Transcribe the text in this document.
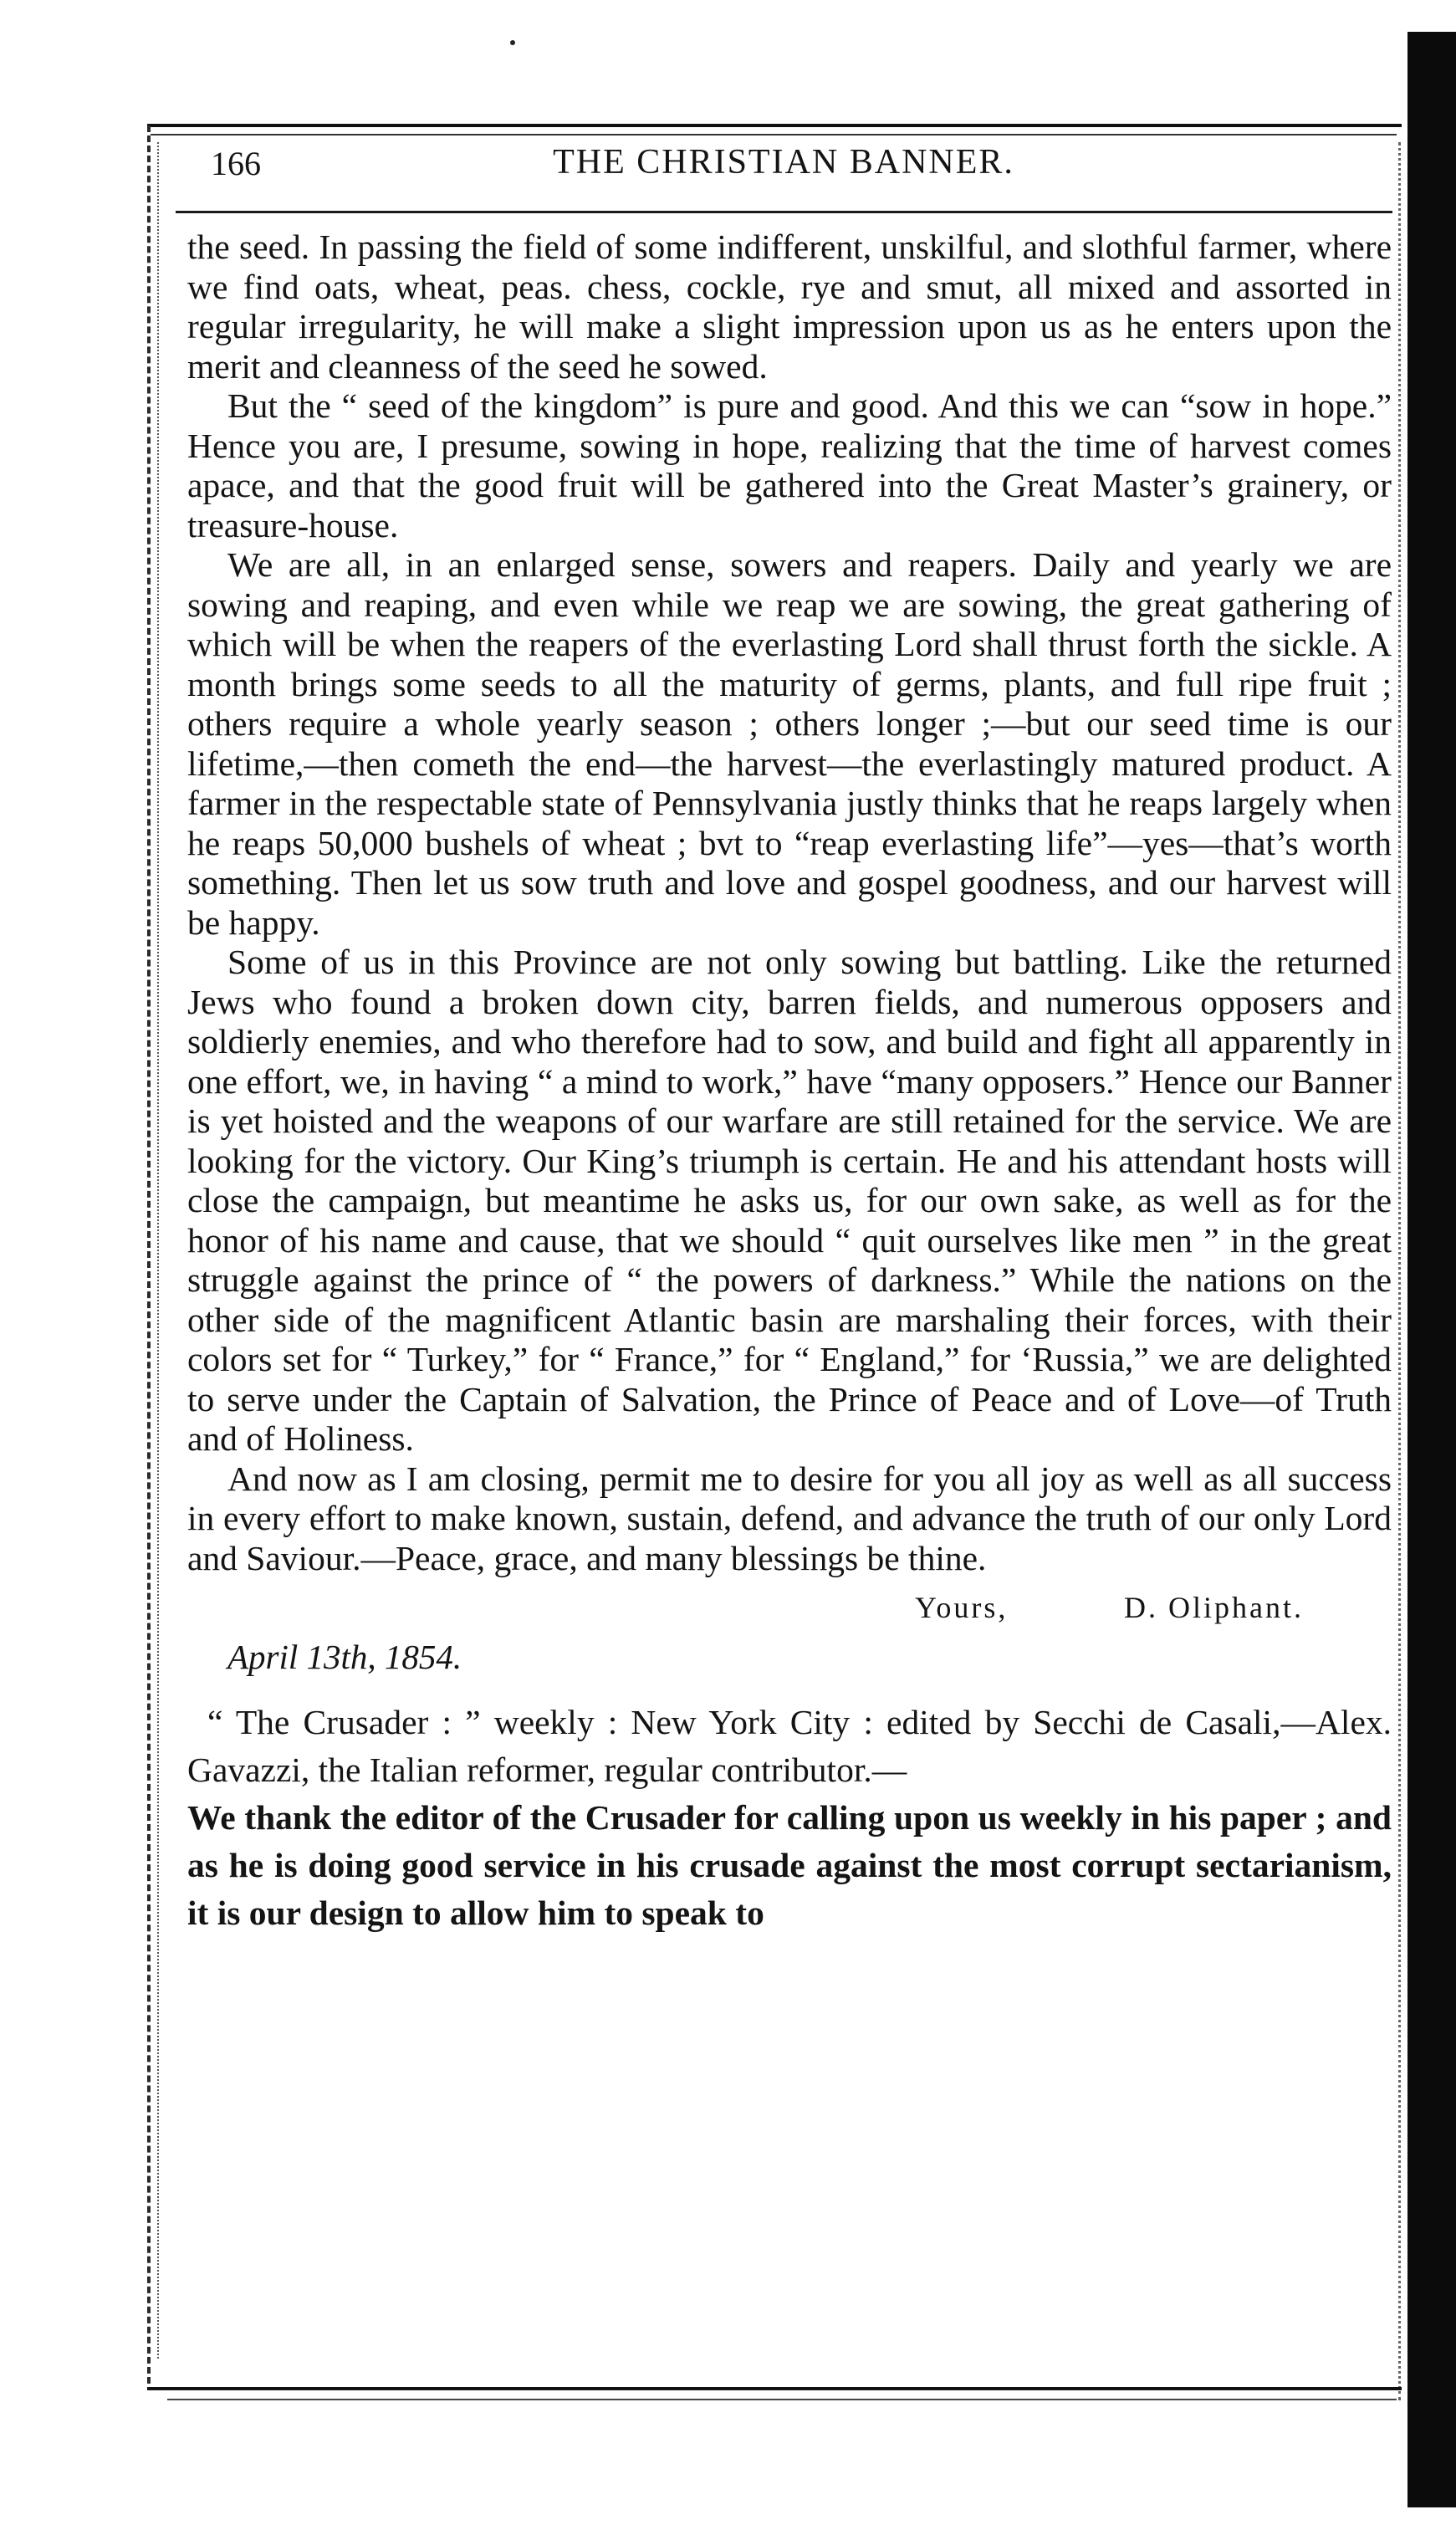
166	THE CHRISTIAN BANNER.

the seed. In passing the field of some indifferent, unskilful, and slothful farmer, where we find oats, wheat, peas. chess, cockle, rye and smut, all mixed and assorted in regular irregularity, he will make a slight impression upon us as he enters upon the merit and cleanness of the seed he sowed.

But the “ seed of the kingdom” is pure and good. And this we can “sow in hope.” Hence you are, I presume, sowing in hope, realizing that the time of harvest comes apace, and that the good fruit will be gathered into the Great Master’s grainery, or treasure-house.

We are all, in an enlarged sense, sowers and reapers. Daily and yearly we are sowing and reaping, and even while we reap we are sowing, the great gathering of which will be when the reapers of the everlasting Lord shall thrust forth the sickle. A month brings some seeds to all the maturity of germs, plants, and full ripe fruit ; others require a whole yearly season ; others longer ;—but our seed time is our lifetime,—then cometh the end—the harvest—the everlastingly matured product. A farmer in the respectable state of Pennsylvania justly thinks that he reaps largely when he reaps 50,000 bushels of wheat ; bvt to “reap everlasting life”—yes—that’s worth something. Then let us sow truth and love and gospel goodness, and our harvest will be happy.

Some of us in this Province are not only sowing but battling. Like the returned Jews who found a broken down city, barren fields, and numerous opposers and soldierly enemies, and who therefore had to sow, and build and fight all apparently in one effort, we, in having “ a mind to work,” have “many opposers.” Hence our Banner is yet hoisted and the weapons of our warfare are still retained for the service. We are looking for the victory. Our King’s triumph is certain. He and his attendant hosts will close the campaign, but meantime he asks us, for our own sake, as well as for the honor of his name and cause, that we should “ quit ourselves like men ” in the great struggle against the prince of “ the powers of darkness.” While the nations on the other side of the magnificent Atlantic basin are marshaling their forces, with their colors set for “ Turkey,” for “ France,” for “ England,” for ‘Russia,” we are delighted to serve under the Captain of Salvation, the Prince of Peace and of Love—of Truth and of Holiness.

And now as I am closing, permit me to desire for you all joy as well as all success in every effort to make known, sustain, defend, and advance the truth of our only Lord and Saviour.—Peace, grace, and many blessings be thine.

Yours,	D. Oliphant.

April 13th, 1854.

“ The Crusader : ” weekly : New York City : edited by Secchi de Casali,—Alex. Gavazzi, the Italian reformer, regular contributor.—

We thank the editor of the Crusader for calling upon us weekly in his paper ; and as he is doing good service in his crusade against the most corrupt sectarianism, it is our design to allow him to speak to
